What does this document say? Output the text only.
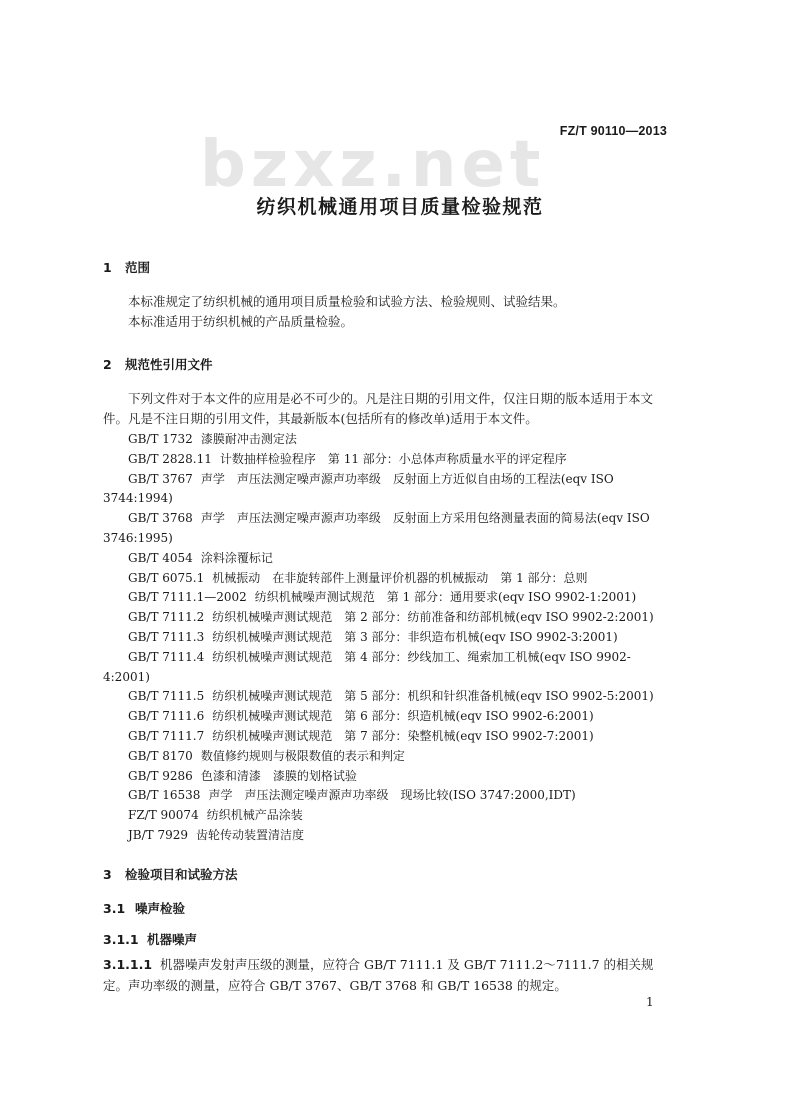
bzxz.net FZ/T 90110—2013
纺织机械通用项目质量检验规范
1 范围
本标准规定了纺织机械的通用项目质量检验和试验方法、检验规则、试验结果。
本标准适用于纺织机械的产品质量检验。
2 规范性引用文件
下列文件对于本文件的应用是必不可少的。凡是注日期的引用文件，仅注日期的版本适用于本文件。凡是不注日期的引用文件，其最新版本(包括所有的修改单)适用于本文件。
GB/T 1732 漆膜耐冲击测定法
GB/T 2828.11 计数抽样检验程序　第 11 部分：小总体声称质量水平的评定程序
GB/T 3767 声学　声压法测定噪声源声功率级　反射面上方近似自由场的工程法(eqv ISO 3744:1994)
GB/T 3768 声学　声压法测定噪声源声功率级　反射面上方采用包络测量表面的简易法(eqv ISO 3746:1995)
GB/T 4054 涂料涂覆标记
GB/T 6075.1 机械振动　在非旋转部件上测量评价机器的机械振动　第 1 部分：总则
GB/T 7111.1—2002 纺织机械噪声测试规范　第 1 部分：通用要求(eqv ISO 9902-1:2001)
GB/T 7111.2 纺织机械噪声测试规范　第 2 部分：纺前准备和纺部机械(eqv ISO 9902-2:2001)
GB/T 7111.3 纺织机械噪声测试规范　第 3 部分：非织造布机械(eqv ISO 9902-3:2001)
GB/T 7111.4 纺织机械噪声测试规范　第 4 部分：纱线加工、绳索加工机械(eqv ISO 9902-4:2001)
GB/T 7111.5 纺织机械噪声测试规范　第 5 部分：机织和针织准备机械(eqv ISO 9902-5:2001)
GB/T 7111.6 纺织机械噪声测试规范　第 6 部分：织造机械(eqv ISO 9902-6:2001)
GB/T 7111.7 纺织机械噪声测试规范　第 7 部分：染整机械(eqv ISO 9902-7:2001)
GB/T 8170 数值修约规则与极限数值的表示和判定
GB/T 9286 色漆和清漆　漆膜的划格试验
GB/T 16538 声学　声压法测定噪声源声功率级　现场比较(ISO 3747:2000,IDT)
FZ/T 90074 纺织机械产品涂装
JB/T 7929 齿轮传动装置清洁度
3 检验项目和试验方法
3.1 噪声检验
3.1.1 机器噪声
3.1.1.1 机器噪声发射声压级的测量，应符合 GB/T 7111.1 及 GB/T 7111.2～7111.7 的相关规定。声功率级的测量，应符合 GB/T 3767、GB/T 3768 和 GB/T 16538 的规定。
1
